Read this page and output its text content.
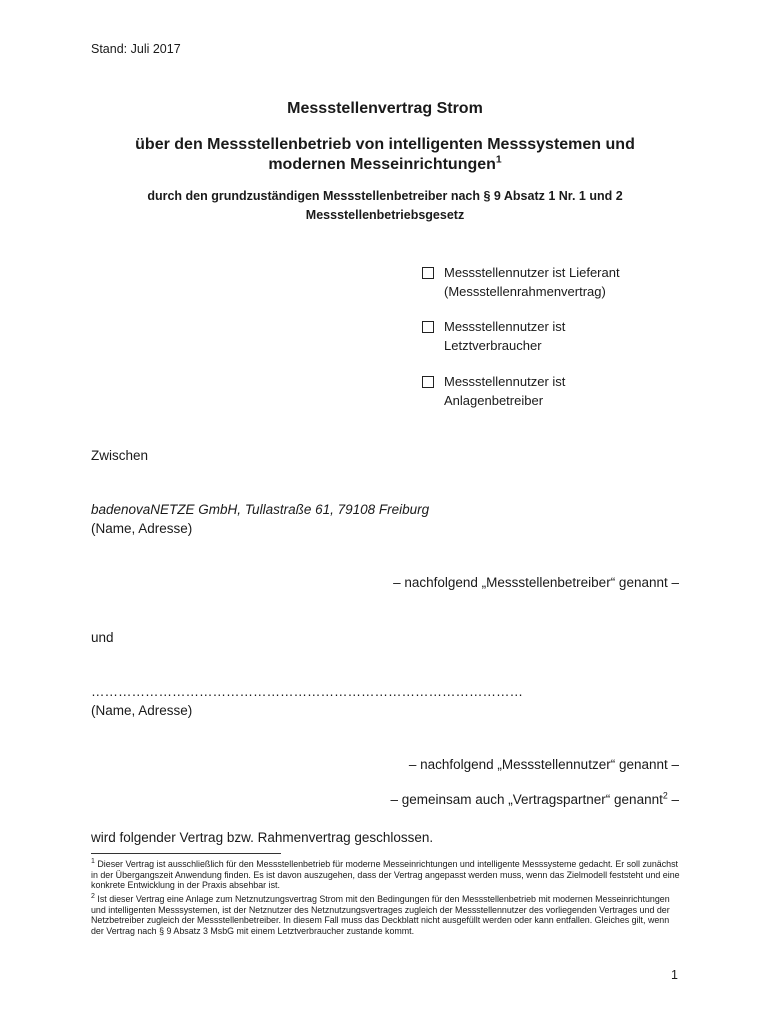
Stand: Juli 2017
Messstellenvertrag Strom
über den Messstellenbetrieb von intelligenten Messsystemen und
modernen Messeinrichtungen$^1$
durch den grundzuständigen Messstellenbetreiber nach § 9 Absatz 1 Nr. 1 und 2
Messstellenbetriebsgesetz
Messstellennutzer ist Lieferant
(Messstellenrahmenvertrag)
Messstellennutzer ist
Letztverbraucher
Messstellennutzer ist
Anlagenbetreiber
Zwischen
badenovaNETZE GmbH, Tullastraße 61, 79108 Freiburg
(Name, Adresse)
– nachfolgend „Messstellenbetreiber“ genannt –
und
……………………………………………………………………………………
(Name, Adresse)
– nachfolgend „Messstellennutzer“ genannt –
– gemeinsam auch „Vertragspartner“ genannt$^2$ –
wird folgender Vertrag bzw. Rahmenvertrag geschlossen.
$^1$ Dieser Vertrag ist ausschließlich für den Messstellenbetrieb für moderne Messeinrichtungen und intelligente Messsysteme gedacht. Er soll zunächst in der Übergangszeit Anwendung finden. Es ist davon auszugehen, dass der Vertrag angepasst werden muss, wenn das Zielmodell feststeht und eine konkrete Entwicklung in der Praxis absehbar ist.
$^2$ Ist dieser Vertrag eine Anlage zum Netznutzungsvertrag Strom mit den Bedingungen für den Messstellenbetrieb mit modernen Messeinrichtungen und intelligenten Messsystemen, ist der Netznutzer des Netznutzungsvertrages zugleich der Messstellennutzer des vorliegenden Vertrages und der Netzbetreiber zugleich der Messstellenbetreiber. In diesem Fall muss das Deckblatt nicht ausgefüllt werden oder kann entfallen. Gleiches gilt, wenn der Vertrag nach § 9 Absatz 3 MsbG mit einem Letztverbraucher zustande kommt.
1
